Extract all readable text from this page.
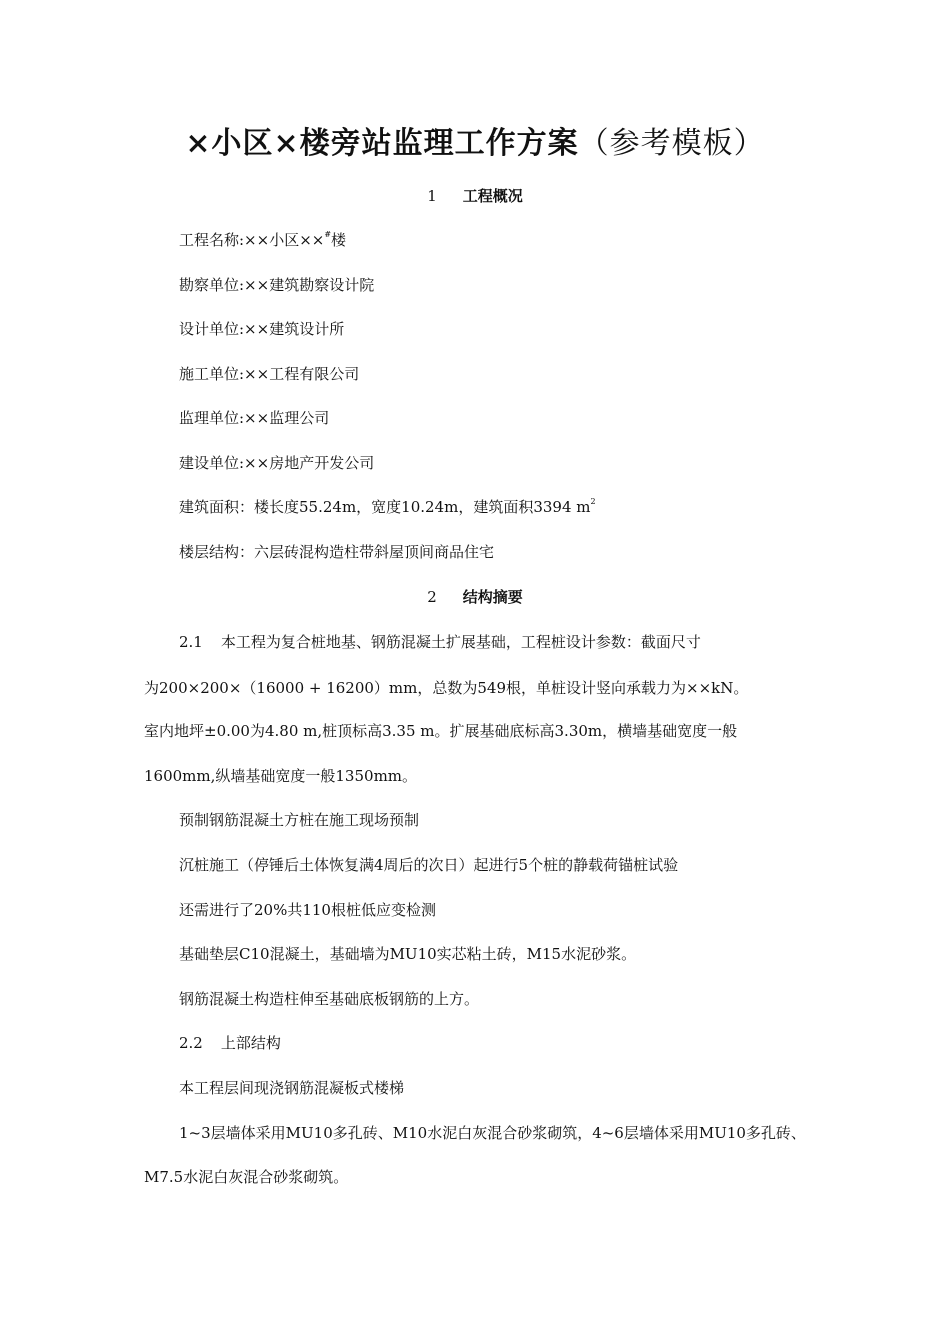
×小区×楼旁站监理工作方案（参考模板）
1 工程概况
工程名称:××小区××#楼
勘察单位:××建筑勘察设计院
设计单位:××建筑设计所
施工单位:××工程有限公司
监理单位:××监理公司
建设单位:××房地产开发公司
建筑面积：楼长度55.24m，宽度10.24m，建筑面积3394 $m^2$
楼层结构：六层砖混构造柱带斜屋顶间商品住宅
2 结构摘要
2.1 本工程为复合桩地基、钢筋混凝土扩展基础，工程桩设计参数：截面尺寸
为200×200×（16000 + 16200）mm，总数为549根，单桩设计竖向承载力为××kN。
室内地坪±0.00为4.80 m,桩顶标高3.35 m。扩展基础底标高3.30m，横墙基础宽度一般
1600mm,纵墙基础宽度一般1350mm。
预制钢筋混凝土方桩在施工现场预制
沉桩施工（停锤后土体恢复满4周后的次日）起进行5个桩的静载荷锚桩试验
还需进行了20%共110根桩低应变检测
基础垫层C10混凝土，基础墙为MU10实芯粘土砖，M15水泥砂浆。
钢筋混凝土构造柱伸至基础底板钢筋的上方。
2.2 上部结构
本工程层间现浇钢筋混凝板式楼梯
1~3层墙体采用MU10多孔砖、M10水泥白灰混合砂浆砌筑，4~6层墙体采用MU10多孔砖、
M7.5水泥白灰混合砂浆砌筑。
